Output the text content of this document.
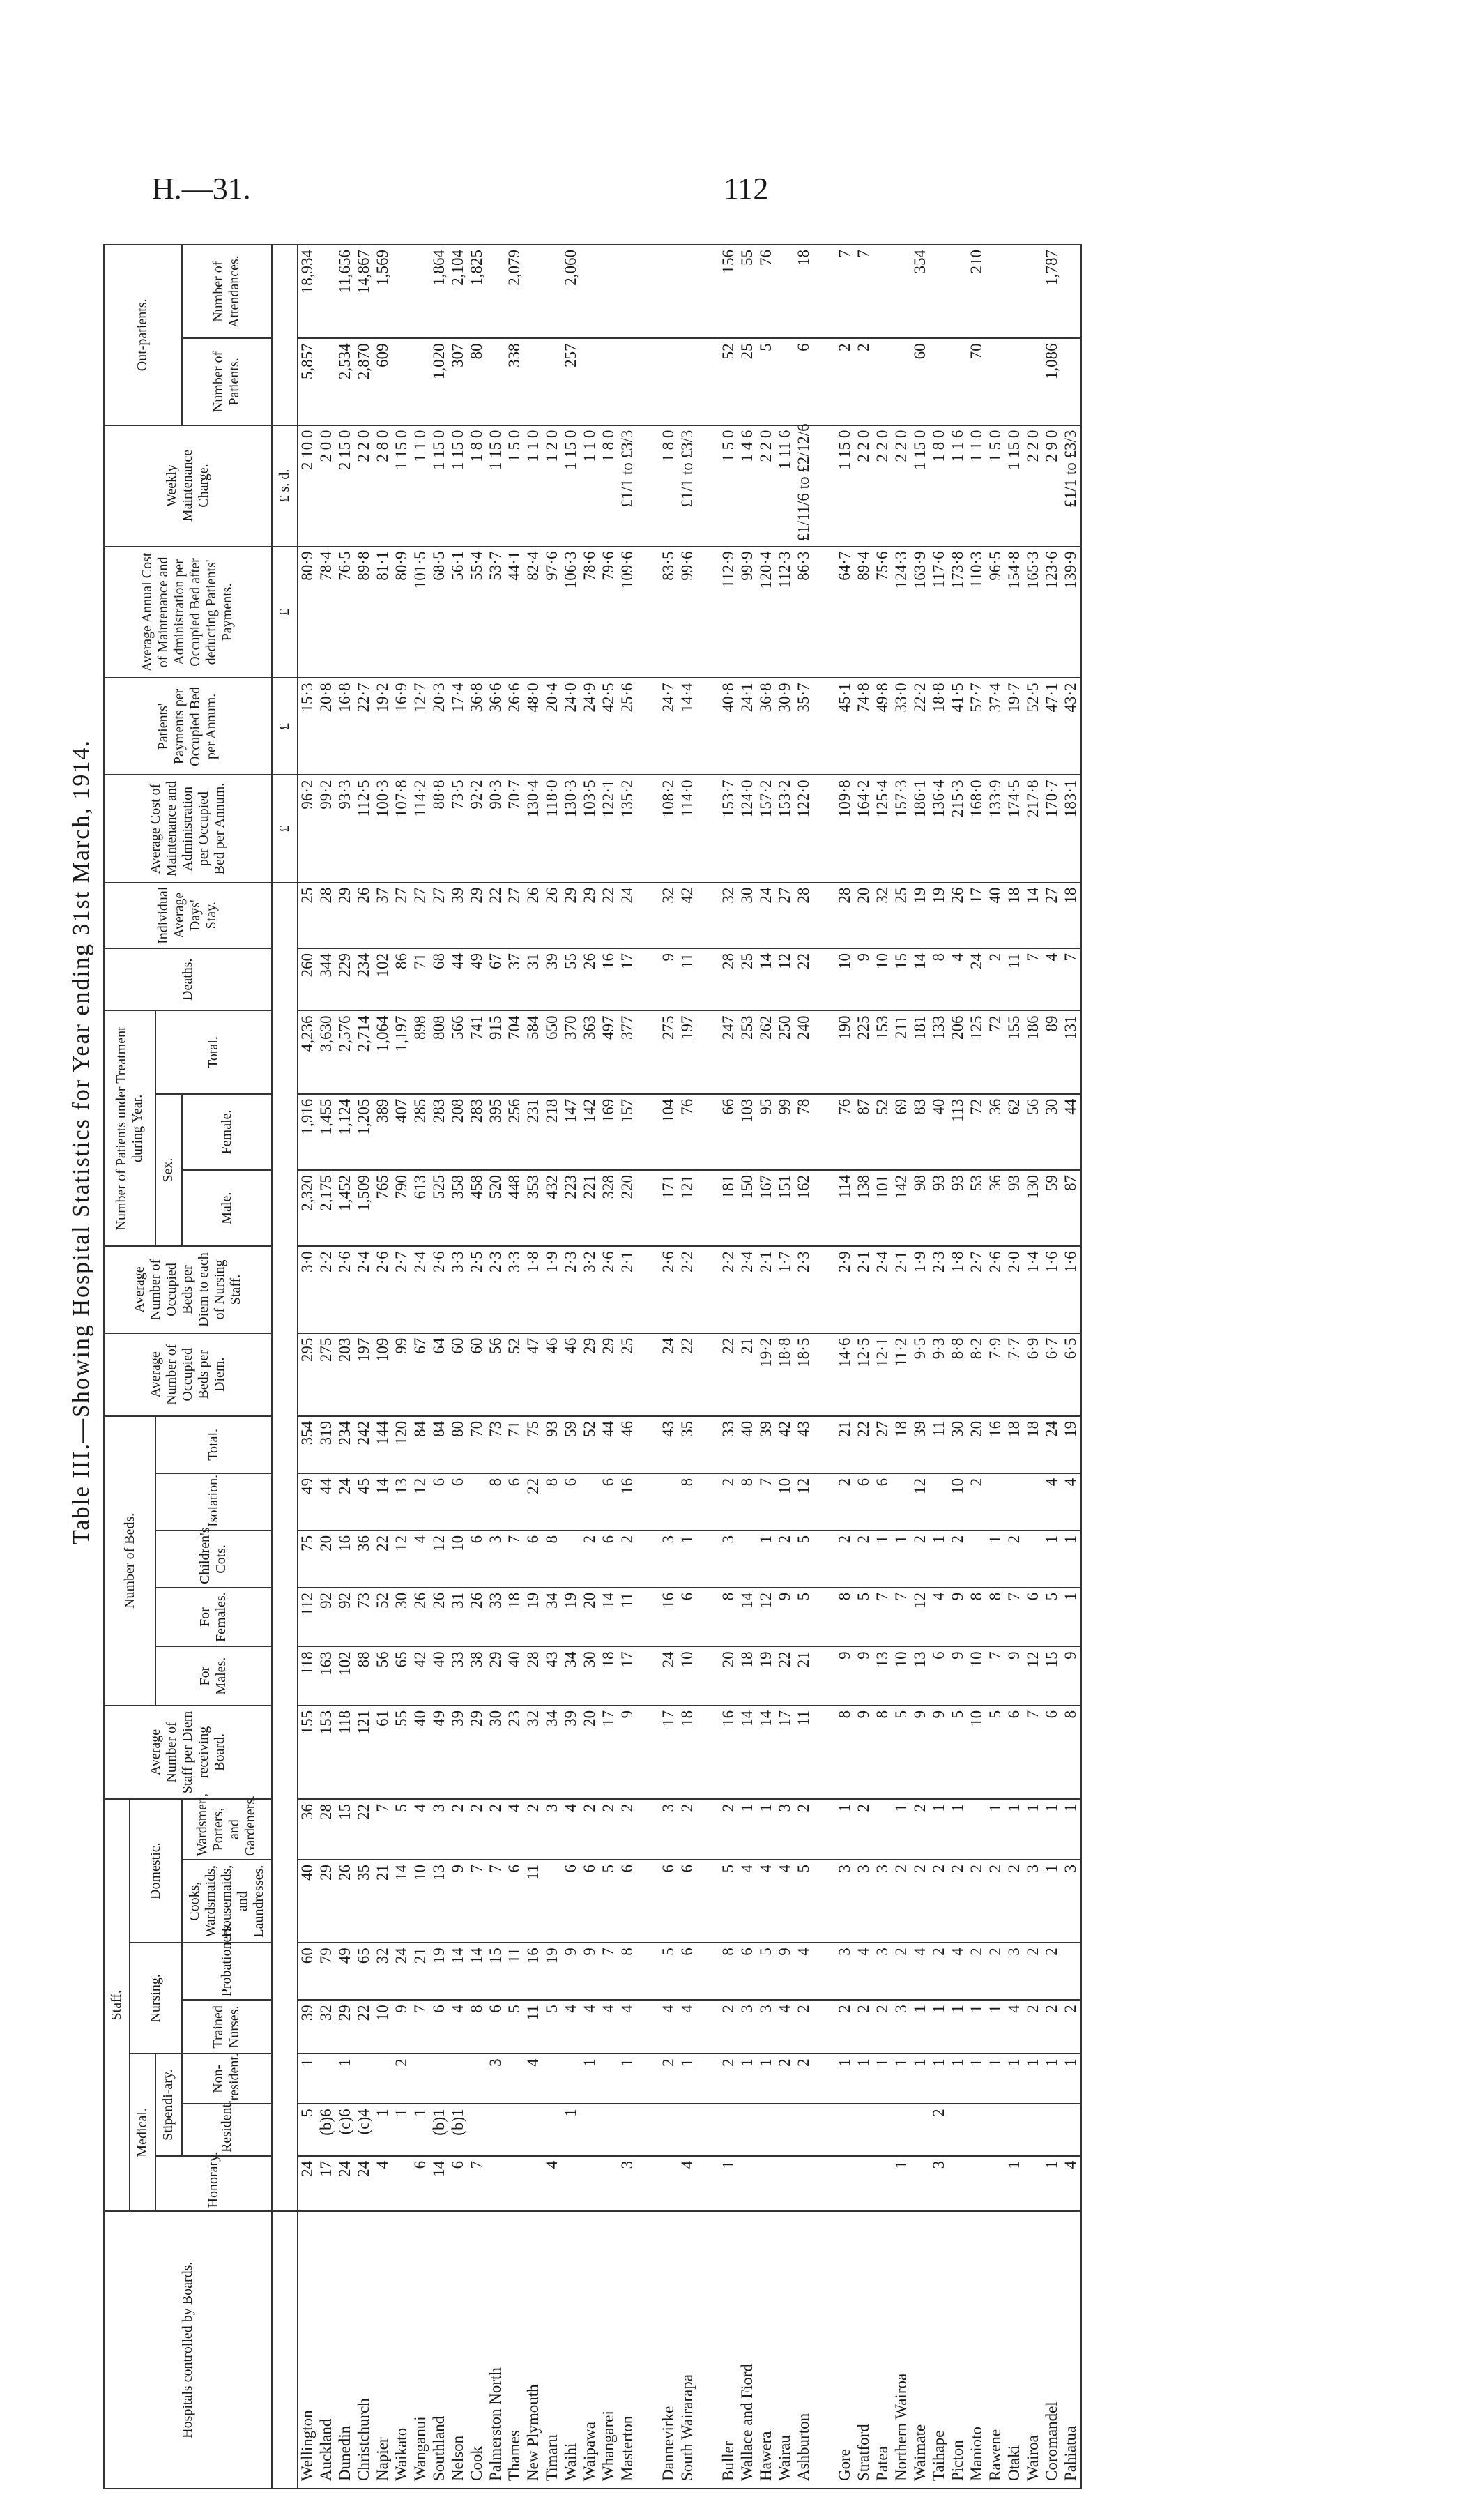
H.—31.	112
Table III.—Showing Hospital Statistics for Year ending 31st March, 1914.
Hospitals controlled by Boards.	Staff.							Average Number of Staff per Diem receiving Board.	Number of Beds.					Average Number of Occupied Beds per Diem.	Average Number of Occupied Beds per Diem to each of Nursing Staff.	Number of Patients under Treatment during Year.			Deaths.	Individual Average Days' Stay.	Average Cost of Maintenance and Administration per Occupied Bed per Annum.	Patients' Payments per Occupied Bed per Annum.	Average Annual Cost of Maintenance and Administration per Occupied Bed after deducting Patients' Payments.	Weekly Maintenance Charge.	Out-patients.	
	Medical.			Nursing.		Domestic.																				
	Honorary.	Stipendi-ary.							For Males.	For Females.	Children's Cots.	Isolation.	Total.			Sex.		Total.								
		Resident.	Non-resident.	Trained Nurses.	Probationers.	Cooks, Wardsmaids, Housemaids, and Laundresses.	Wardsmen, Porters, and Gardeners.									Male.	Female.								Number of Patients.	Number of Attendances.
																					£	£	£	£ s. d.		
Wellington	24	5	1	39	60	40	36	155	118	112	75	49	354	295	3·0	2,320	1,916	4,236	260	25	96·2	15·3	80·9	2 10 0	5,857	18,934
Auckland	17	(b)6		32	79	29	28	153	163	92	20	44	319	275	2·2	2,175	1,455	3,630	344	28	99·2	20·8	78·4	2 0 0		
Dunedin	24	(c)6	1	29	49	26	15	118	102	92	16	24	234	203	2·6	1,452	1,124	2,576	229	29	93·3	16·8	76·5	2 15 0	2,534	11,656
Christchurch	24	(c)4		22	65	35	22	121	88	73	36	45	242	197	2·4	1,509	1,205	2,714	234	26	112·5	22·7	89·8	2 2 0	2,870	14,867
Napier	4	1		10	32	21	7	61	56	52	22	14	144	109	2·6	765	389	1,064	102	37	100·3	19·2	81·1	2 8 0	609	1,569
Waikato		1	2	9	24	14	5	55	65	30	12	13	120	99	2·7	790	407	1,197	86	27	107·8	16·9	80·9	1 15 0		
Wanganui	6	1		7	21	10	4	40	42	26	4	12	84	67	2·4	613	285	898	71	27	114·2	12·7	101·5	1 1 0		
Southland	14	(b)1		6	19	13	3	49	40	26	12	6	84	64	2·6	525	283	808	68	27	88·8	20·3	68·5	1 15 0	1,020	1,864
Nelson	6	(b)1		4	14	9	2	39	33	31	10	6	80	60	3·3	358	208	566	44	39	73·5	17·4	56·1	1 15 0	307	2,104
Cook	7			8	14	7	2	29	38	26	6		70	60	2·5	458	283	741	49	29	92·2	36·8	55·4	1 8 0	80	1,825
Palmerston North			3	6	15	7	2	30	29	33	3	8	73	56	2·3	520	395	915	67	22	90·3	36·6	53·7	1 15 0		
Thames				5	11	6	4	23	40	18	7	6	71	52	3·3	448	256	704	37	27	70·7	26·6	44·1	1 5 0	338	2,079
New Plymouth			4	11	16	11	2	32	28	19	6	22	75	47	1·8	353	231	584	31	26	130·4	48·0	82·4	1 1 0		
Timaru	4			5	19		3	34	43	34	8	8	93	46	1·9	432	218	650	39	26	118·0	20·4	97·6	1 2 0		
Waihi		1		4	9	6	4	39	34	19		6	59	46	2·3	223	147	370	55	29	130·3	24·0	106·3	1 15 0	257	2,060
Waipawa			1	4	9	6	2	20	30	20	2		52	29	3·2	221	142	363	26	29	103·5	24·9	78·6	1 1 0		
Whangarei				4	7	5	2	17	18	14	6	6	44	29	2·6	328	169	497	16	22	122·1	42·5	79·6	1 8 0		
Masterton	3		1	4	8	6	2	9	17	11	2	16	46	25	2·1	220	157	377	17	24	135·2	25·6	109·6	£1/1 to £3/3		

Dannevirke			2	4	5	6	3	17	24	16	3		43	24	2·6	171	104	275	9	32	108·2	24·7	83·5	1 8 0		
South Wairarapa	4		1	4	6	6	2	18	10	6	1	8	35	22	2·2	121	76	197	11	42	114·0	14·4	99·6	£1/1 to £3/3		

Buller	1		2	2	8	5	2	16	20	8	3	2	33	22	2·2	181	66	247	28	32	153·7	40·8	112·9	1 5 0	52	156
Wallace and Fiord			1	3	6	4	1	14	18	14		8	40	21	2·4	150	103	253	25	30	124·0	24·1	99·9	1 4 6	25	55
Hawera			1	3	5	4	1	14	19	12	1	7	39	19·2	2·1	167	95	262	14	24	157·2	36·8	120·4	2 2 0	5	76
Wairau			2	4	9	4	3	17	22	9	2	10	42	18·8	1·7	151	99	250	12	27	153·2	30·9	112·3	1 11 6		
Ashburton			2	2	4	5	2	11	21	5	5	12	43	18·5	2·3	162	78	240	22	28	122·0	35·7	86·3	£1/11/6 to £2/12/6	6	18

Gore			1	2	3	3	1	8	9	8	2	2	21	14·6	2·9	114	76	190	10	28	109·8	45·1	64·7	1 15 0	2	7
Stratford			1	2	4	3	2	9	9	5	2	6	22	12·5	2·1	138	87	225	9	20	164·2	74·8	89·4	2 2 0	2	7
Patea			1	2	3	3		8	13	7	1	6	27	12·1	2·4	101	52	153	10	32	125·4	49·8	75·6	2 2 0		
Northern Wairoa	1		1	3	2	2	1	5	10	7	1		18	11·2	2·1	142	69	211	15	25	157·3	33·0	124·3	2 2 0		
Waimate			1	1	4	2	2	9	13	12	2	12	39	9·5	1·9	98	83	181	14	19	186·1	22·2	163·9	1 15 0	60	354
Taihape	3	2	1	1	2	2	1	9	6	4	1		11	9·3	2·3	93	40	133	8	19	136·4	18·8	117·6	1 8 0		
Picton			1	1	4	2	1	5	9	9	2	10	30	8·8	1·8	93	113	206	4	26	215·3	41·5	173·8	1 1 6		
Manioto			1	1	2	2		10	10	8		2	20	8·2	2·7	53	72	125	24	17	168·0	57·7	110·3	1 1 0	70	210
Rawene			1	1	2	2	1	5	7	8	1		16	7·9	2·6	36	36	72	2	40	133·9	37·4	96·5	1 5 0		
Otaki	1		1	4	3	2	1	6	9	7	2		18	7·7	2·0	93	62	155	11	18	174·5	19·7	154·8	1 15 0		
Wairoa			1	2	2	3	1	7	12	6			18	6·9	1·4	130	56	186	7	14	217·8	52·5	165·3	2 2 0		
Coromandel	1		1	2	2	1	1	6	15	5	1	4	24	6·7	1·6	59	30	89	4	27	170·7	47·1	123·6	2 9 0	1,086	1,787
Pahiatua	4		1	2		3	1	8	9	1	1	4	19	6·5	1·6	87	44	131	7	18	183·1	43·2	139·9	£1/1 to £3/3		
